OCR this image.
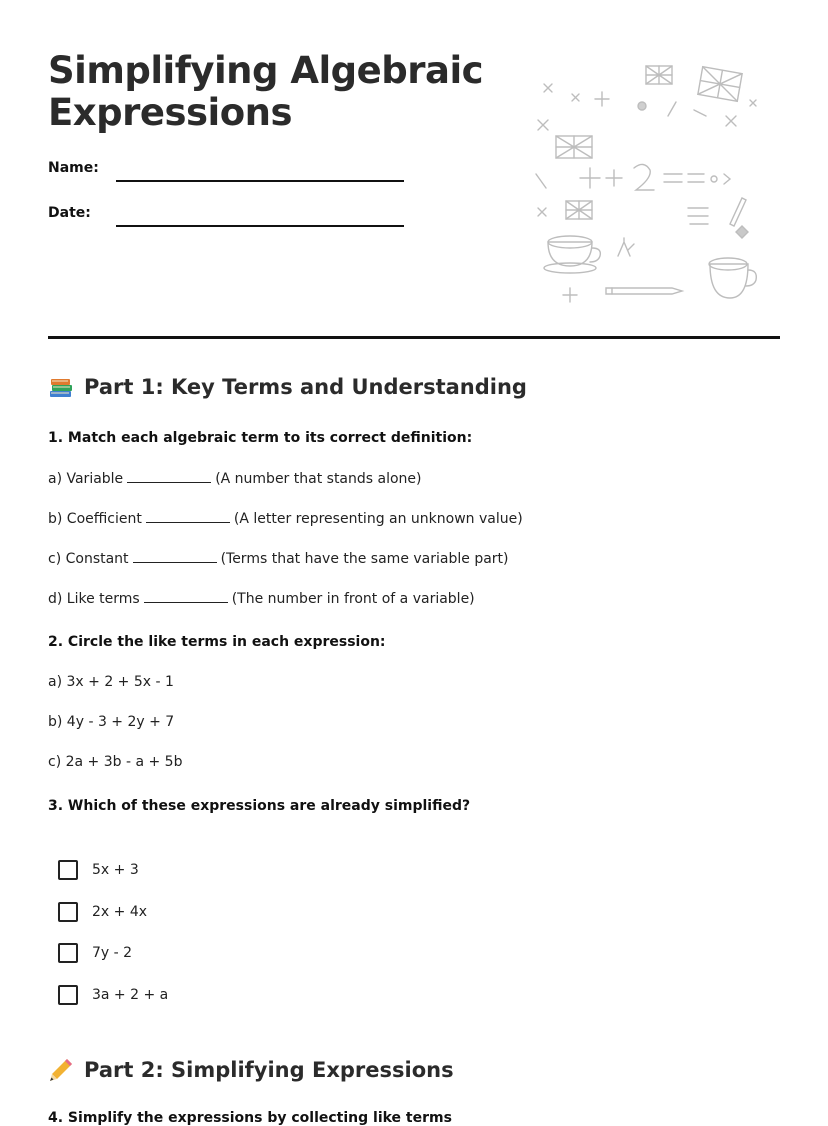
Simplifying Algebraic Expressions
Name:
Date:
Part 1: Key Terms and Understanding
1. Match each algebraic term to its correct definition:
a) Variable	(A number that stands alone)
b) Coefficient	(A letter representing an unknown value)
c) Constant	(Terms that have the same variable part)
d) Like terms	(The number in front of a variable)
2. Circle the like terms in each expression:
a) 3x + 2 + 5x - 1
b) 4y - 3 + 2y + 7
c) 2a + 3b - a + 5b
3. Which of these expressions are already simplified?
5x + 3
2x + 4x
7y - 2
3a + 2 + a
Part 2: Simplifying Expressions
4. Simplify the expressions by collecting like terms
